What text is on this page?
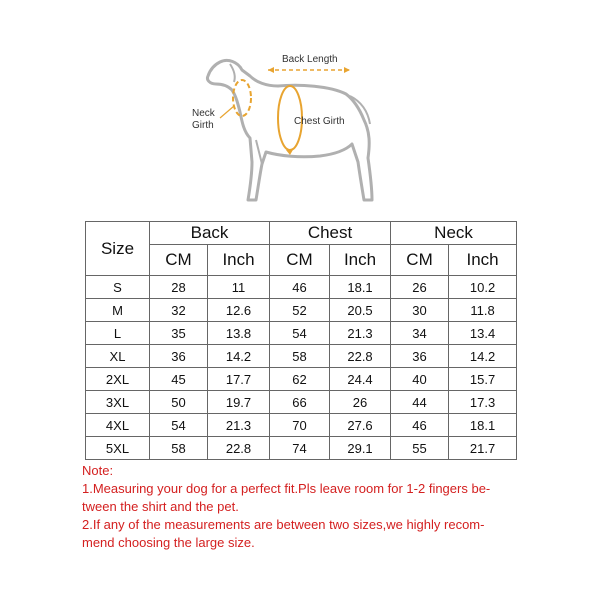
Back Length
Neck
Girth	Chest Girth
Size	Back		Chest		Neck	
	CM	Inch	CM	Inch	CM	Inch
S	28	11	46	18.1	26	10.2
M	32	12.6	52	20.5	30	11.8
L	35	13.8	54	21.3	34	13.4
XL	36	14.2	58	22.8	36	14.2
2XL	45	17.7	62	24.4	40	15.7
3XL	50	19.7	66	26	44	17.3
4XL	54	21.3	70	27.6	46	18.1
5XL	58	22.8	74	29.1	55	21.7
Note:
1.Measuring your dog for a perfect fit.Pls leave room for 1-2 fingers be-
tween the shirt and the pet.
2.If any of the measurements are between two sizes,we highly recom-
mend choosing the large size.
